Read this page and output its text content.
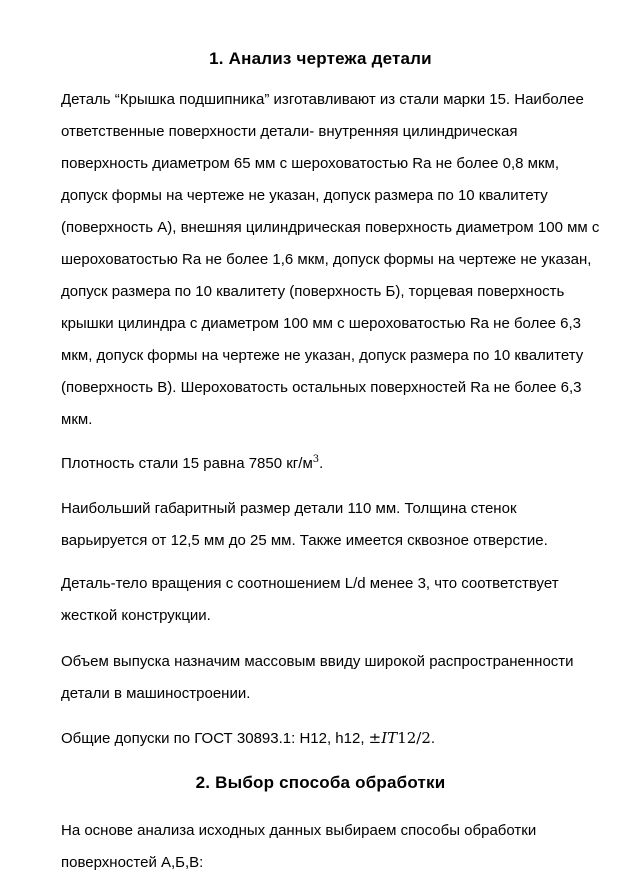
1. Анализ чертежа детали

Деталь “Крышка подшипника” изготавливают из стали марки 15. Наиболее
ответственные поверхности детали- внутренняя цилиндрическая
поверхность диаметром 65 мм с шероховатостью Ra не более 0,8 мкм,
допуск формы на чертеже не указан, допуск размера по 10 квалитету
(поверхность А), внешняя цилиндрическая поверхность диаметром 100 мм с
шероховатостью Ra не более 1,6 мкм, допуск формы на чертеже не указан,
допуск размера по 10 квалитету (поверхность Б), торцевая поверхность
крышки цилиндра с диаметром 100 мм с шероховатостью Ra не более 6,3
мкм, допуск формы на чертеже не указан, допуск размера по 10 квалитету
(поверхность В). Шероховатость остальных поверхностей Ra не более 6,3
мкм.

Плотность стали 15 равна 7850 $кг/м^3$.

Наибольший габаритный размер детали 110 мм. Толщина стенок
варьируется от 12,5 мм до 25 мм. Также имеется сквозное отверстие.

Деталь-тело вращения с соотношением L/d менее 3, что соответствует
жесткой конструкции.

Объем выпуска назначим массовым ввиду широкой распространенности
детали в машиностроении.

Общие допуски по ГОСТ 30893.1: H12, h12, ±IT12/2.

2. Выбор способа обработки

На основе анализа исходных данных выбираем способы обработки
поверхностей А,Б,В:
